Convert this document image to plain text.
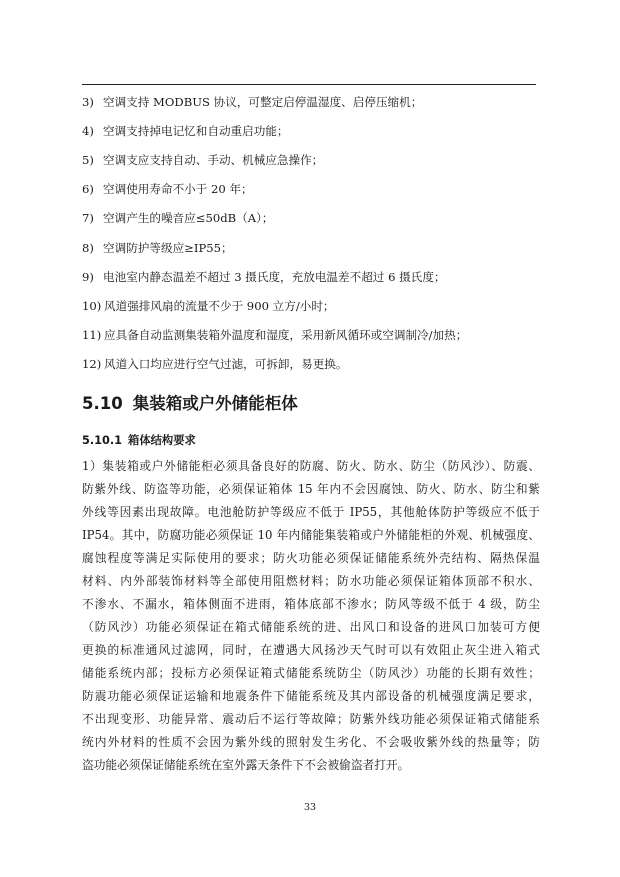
3) 空调支持 MODBUS 协议，可整定启停温湿度、启停压缩机；
4) 空调支持掉电记忆和自动重启功能；
5) 空调支应支持自动、手动、机械应急操作；
6) 空调使用寿命不小于 20 年；
7) 空调产生的噪音应≤50dB（A）；
8) 空调防护等级应≥IP55；
9) 电池室内静态温差不超过 3 摄氏度，充放电温差不超过 6 摄氏度；
10) 风道强排风扇的流量不少于 900 立方/小时；
11) 应具备自动监测集装箱外温度和湿度，采用新风循环或空调制冷/加热；
12) 风道入口均应进行空气过滤，可拆卸，易更换。
5.10 集装箱或户外储能柜体
5.10.1 箱体结构要求
1）集装箱或户外储能柜必须具备良好的防腐、防火、防水、防尘（防风沙）、防震、
防紫外线、防盗等功能，必须保证箱体 15 年内不会因腐蚀、防火、防水、防尘和紫
外线等因素出现故障。电池舱防护等级应不低于 IP55，其他舱体防护等级应不低于
IP54。其中，防腐功能必须保证 10 年内储能集装箱或户外储能柜的外观、机械强度、
腐蚀程度等满足实际使用的要求；防火功能必须保证储能系统外壳结构、隔热保温
材料、内外部装饰材料等全部使用阻燃材料；防水功能必须保证箱体顶部不积水、
不渗水、不漏水，箱体侧面不进雨，箱体底部不渗水；防风等级不低于 4 级，防尘
（防风沙）功能必须保证在箱式储能系统的进、出风口和设备的进风口加装可方便
更换的标准通风过滤网，同时，在遭遇大风扬沙天气时可以有效阻止灰尘进入箱式
储能系统内部；投标方必须保证箱式储能系统防尘（防风沙）功能的长期有效性；
防震功能必须保证运输和地震条件下储能系统及其内部设备的机械强度满足要求，
不出现变形、功能异常、震动后不运行等故障；防紫外线功能必须保证箱式储能系
统内外材料的性质不会因为紫外线的照射发生劣化、不会吸收紫外线的热量等；防
盗功能必须保证储能系统在室外露天条件下不会被偷盗者打开。
33
